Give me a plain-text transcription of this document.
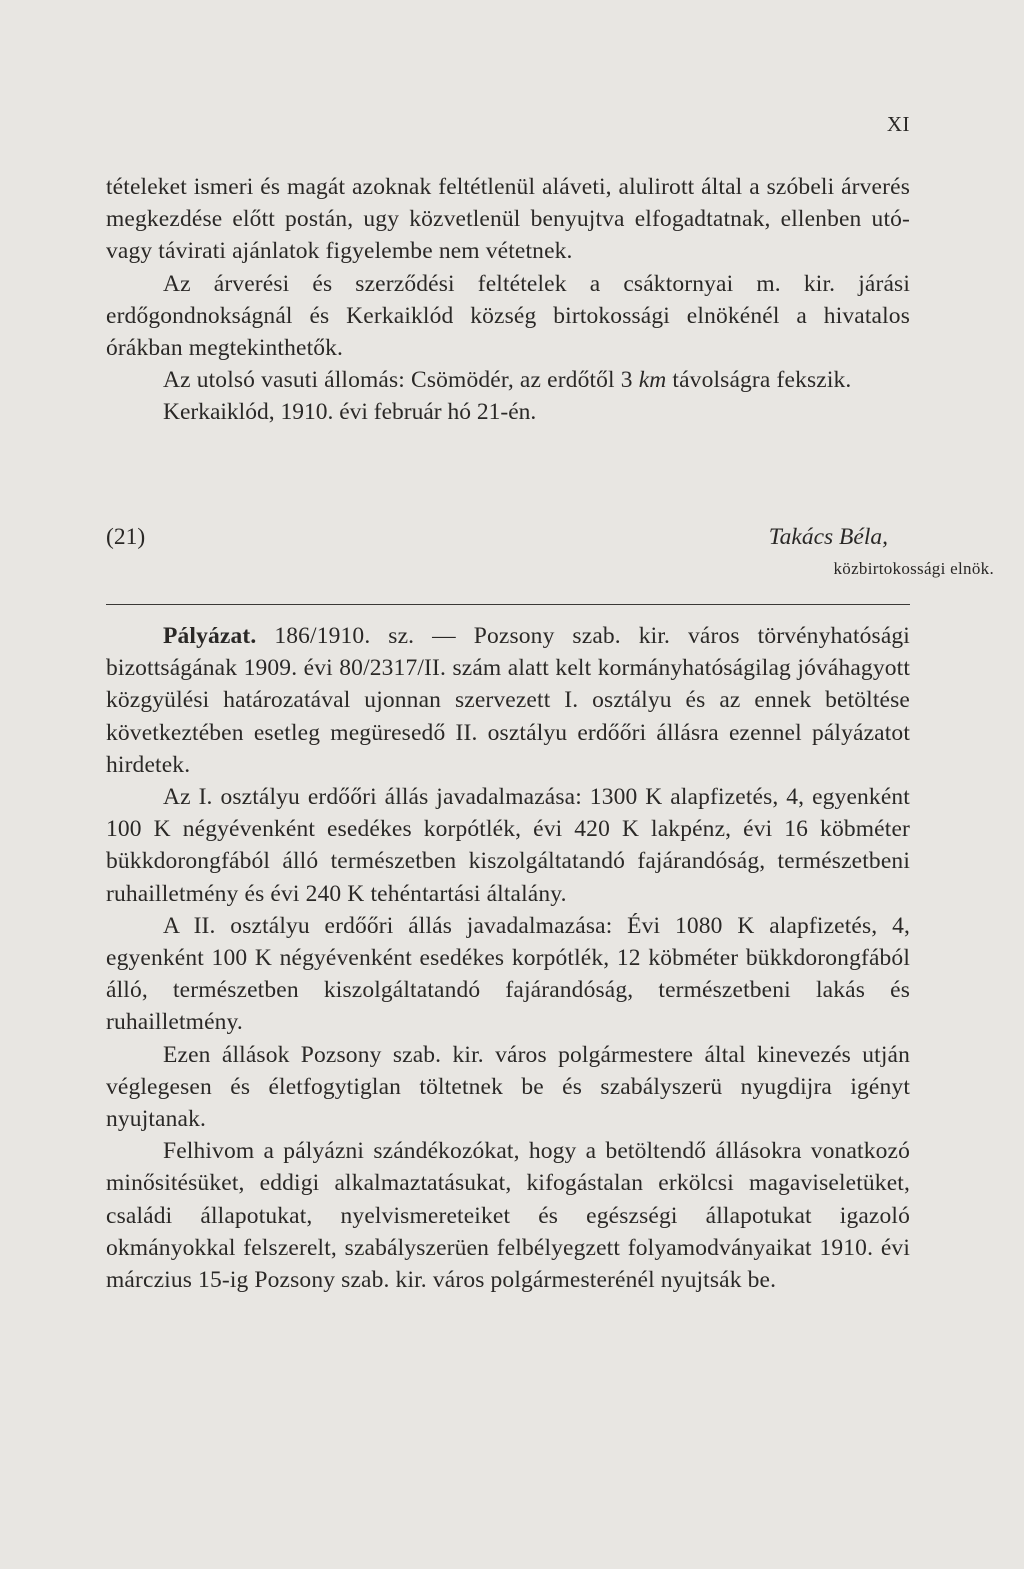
XI

tételeket ismeri és magát azoknak feltétlenül aláveti, alulirott által a szóbeli árverés megkezdése előtt postán, ugy közvetlenül benyujtva elfogadtatnak, ellenben utó- vagy távirati ajánlatok figyelembe nem vétetnek.

Az árverési és szerződési feltételek a csáktornyai m. kir. járási erdőgondnokságnál és Kerkaiklód község birtokossági elnökénél a hivatalos órákban megtekinthetők.

Az utolsó vasuti állomás: Csömödér, az erdőtől 3 km távolságra fekszik.

Kerkaiklód, 1910. évi február hó 21-én.
(21)	Takács Béla,
közbirtokossági elnök.

Pályázat. 186/1910. sz. — Pozsony szab. kir. város törvényhatósági bizottságának 1909. évi 80/2317/II. szám alatt kelt kormányhatóságilag jóváhagyott közgyülési határozatával ujonnan szervezett I. osztályu és az ennek betöltése következtében esetleg megüresedő II. osztályu erdőőri állásra ezennel pályázatot hirdetek.

Az I. osztályu erdőőri állás javadalmazása: 1300 K alapfizetés, 4, egyenként 100 K négyévenként esedékes korpótlék, évi 420 K lakpénz, évi 16 köbméter bükkdorongfából álló természetben kiszolgáltatandó fajárandóság, természetbeni ruhailletmény és évi 240 K tehéntartási általány.

A II. osztályu erdőőri állás javadalmazása: Évi 1080 K alapfizetés, 4, egyenként 100 K négyévenként esedékes korpótlék, 12 köbméter bükkdorongfából álló, természetben kiszolgáltatandó fajárandóság, természetbeni lakás és ruhailletmény.

Ezen állások Pozsony szab. kir. város polgármestere által kinevezés utján véglegesen és életfogytiglan töltetnek be és szabályszerü nyugdijra igényt nyujtanak.

Felhivom a pályázni szándékozókat, hogy a betöltendő állásokra vonatkozó minősitésüket, eddigi alkalmaztatásukat, kifogástalan erkölcsi magaviseletüket, családi állapotukat, nyelvismereteiket és egészségi állapotukat igazoló okmányokkal felszerelt, szabályszerüen felbélyegzett folyamodványaikat 1910. évi márczius 15-ig Pozsony szab. kir. város polgármesterénél nyujtsák be.
